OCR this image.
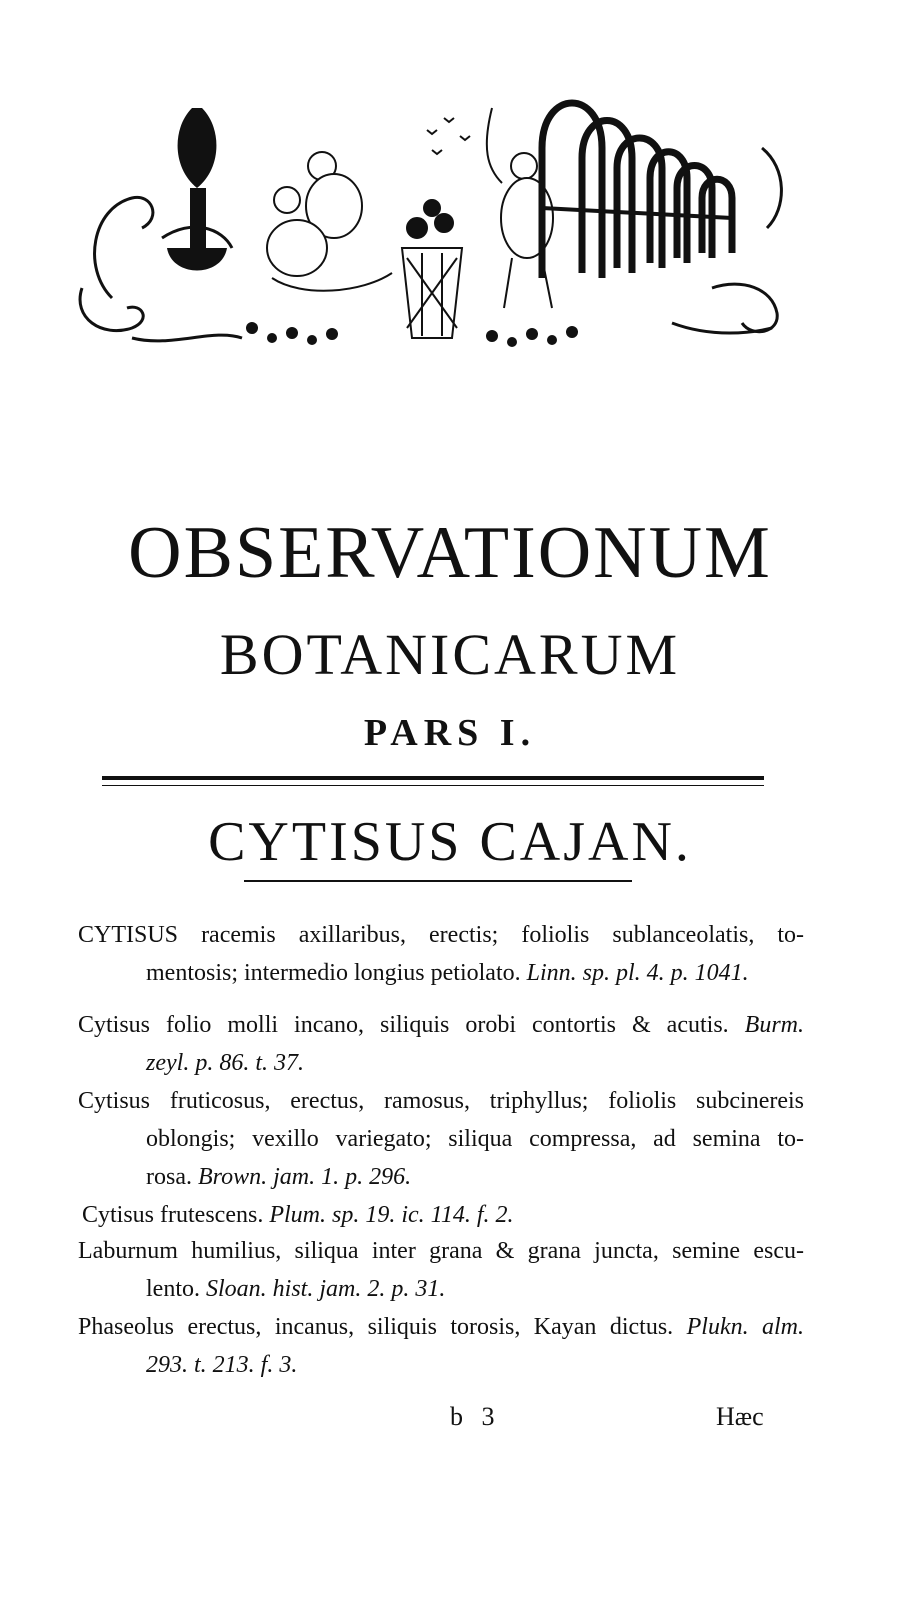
OBSERVATIONUM
BOTANICARUM
PARS I.
CYTISUS CAJAN.
CYTISUS racemis axillaribus, erectis; foliolis sublanceolatis, to-
mentosis; intermedio longius petiolato. Linn. sp. pl. 4. p. 1041.
Cytisus folio molli incano, siliquis orobi contortis & acutis. Burm.
zeyl. p. 86. t. 37.
Cytisus fruticosus, erectus, ramosus, triphyllus; foliolis subcinereis
oblongis; vexillo variegato; siliqua compressa, ad semina to-
rosa. Brown. jam. 1. p. 296.
Cytisus frutescens. Plum. sp. 19. ic. 114. f. 2.
Laburnum humilius, siliqua inter grana & grana juncta, semine escu-
lento. Sloan. hist. jam. 2. p. 31.
Phaseolus erectus, incanus, siliquis torosis, Kayan dictus. Plukn. alm.
293. t. 213. f. 3.
b 3	Hæc
